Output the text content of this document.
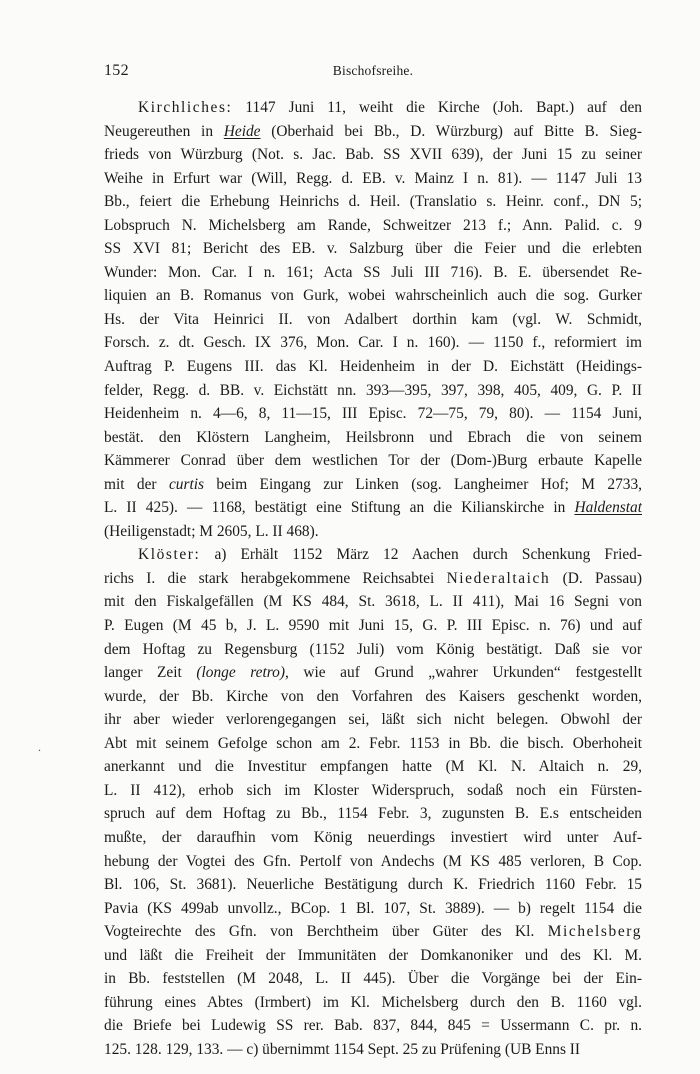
152	Bischofsreihe.
.
Kirchliches: 1147 Juni 11, weiht die Kirche (Joh. Bapt.) auf den
Neugereuthen in Heide (Oberhaid bei Bb., D. Würzburg) auf Bitte B. Sieg-
frieds von Würzburg (Not. s. Jac. Bab. SS XVII 639), der Juni 15 zu seiner
Weihe in Erfurt war (Will, Regg. d. EB. v. Mainz I n. 81). — 1147 Juli 13
Bb., feiert die Erhebung Heinrichs d. Heil. (Translatio s. Heinr. conf., DN 5;
Lobspruch N. Michelsberg am Rande, Schweitzer 213 f.; Ann. Palid. c. 9
SS XVI 81; Bericht des EB. v. Salzburg über die Feier und die erlebten
Wunder: Mon. Car. I n. 161; Acta SS Juli III 716). B. E. übersendet Re-
liquien an B. Romanus von Gurk, wobei wahrscheinlich auch die sog. Gurker
Hs. der Vita Heinrici II. von Adalbert dorthin kam (vgl. W. Schmidt,
Forsch. z. dt. Gesch. IX 376, Mon. Car. I n. 160). — 1150 f., reformiert im
Auftrag P. Eugens III. das Kl. Heidenheim in der D. Eichstätt (Heidings-
felder, Regg. d. BB. v. Eichstätt nn. 393—395, 397, 398, 405, 409, G. P. II
Heidenheim n. 4—6, 8, 11—15, III Episc. 72—75, 79, 80). — 1154 Juni,
bestät. den Klöstern Langheim, Heilsbronn und Ebrach die von seinem
Kämmerer Conrad über dem westlichen Tor der (Dom-)Burg erbaute Kapelle
mit der curtis beim Eingang zur Linken (sog. Langheimer Hof; M 2733,
L. II 425). — 1168, bestätigt eine Stiftung an die Kilianskirche in Haldenstat
(Heiligenstadt; M 2605, L. II 468).
Klöster: a) Erhält 1152 März 12 Aachen durch Schenkung Fried-
richs I. die stark herabgekommene Reichsabtei Niederaltaich (D. Passau)
mit den Fiskalgefällen (M KS 484, St. 3618, L. II 411), Mai 16 Segni von
P. Eugen (M 45 b, J. L. 9590 mit Juni 15, G. P. III Episc. n. 76) und auf
dem Hoftag zu Regensburg (1152 Juli) vom König bestätigt. Daß sie vor
langer Zeit (longe retro), wie auf Grund „wahrer Urkunden“ festgestellt
wurde, der Bb. Kirche von den Vorfahren des Kaisers geschenkt worden,
ihr aber wieder verlorengegangen sei, läßt sich nicht belegen. Obwohl der
Abt mit seinem Gefolge schon am 2. Febr. 1153 in Bb. die bisch. Oberhoheit
anerkannt und die Investitur empfangen hatte (M Kl. N. Altaich n. 29,
L. II 412), erhob sich im Kloster Widerspruch, sodaß noch ein Fürsten-
spruch auf dem Hoftag zu Bb., 1154 Febr. 3, zugunsten B. E.s entscheiden
mußte, der daraufhin vom König neuerdings investiert wird unter Auf-
hebung der Vogtei des Gfn. Pertolf von Andechs (M KS 485 verloren, B Cop.
Bl. 106, St. 3681). Neuerliche Bestätigung durch K. Friedrich 1160 Febr. 15
Pavia (KS 499ab unvollz., BCop. 1 Bl. 107, St. 3889). — b) regelt 1154 die
Vogteirechte des Gfn. von Berchtheim über Güter des Kl. Michelsberg
und läßt die Freiheit der Immunitäten der Domkanoniker und des Kl. M.
in Bb. feststellen (M 2048, L. II 445). Über die Vorgänge bei der Ein-
führung eines Abtes (Irmbert) im Kl. Michelsberg durch den B. 1160 vgl.
die Briefe bei Ludewig SS rer. Bab. 837, 844, 845 = Ussermann C. pr. n.
125. 128. 129, 133. — c) übernimmt 1154 Sept. 25 zu Prüfening (UB Enns II
